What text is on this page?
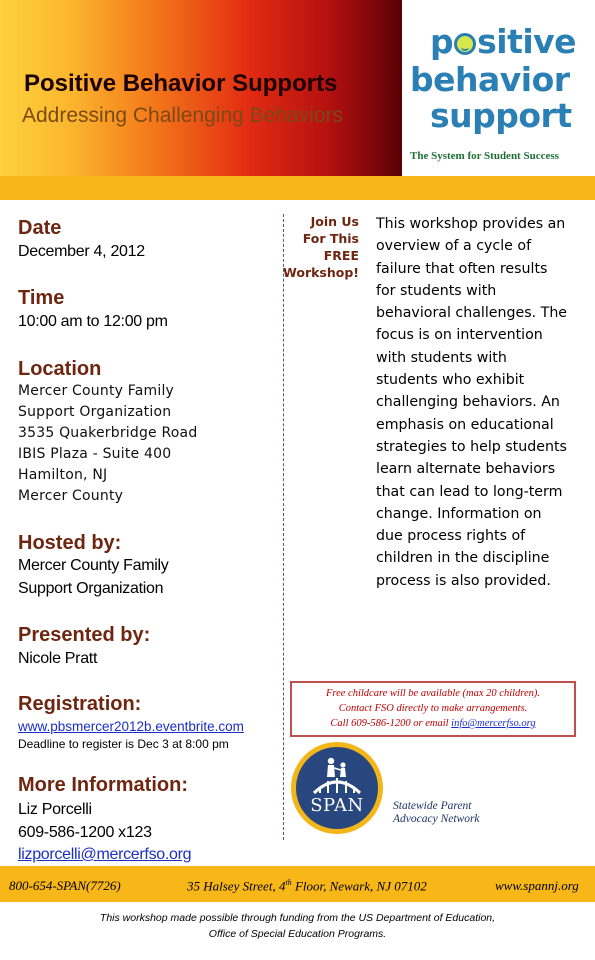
Positive Behavior Supports
Addressing Challenging Behaviors
p sitive
behavior
support
The System for Student Success
Date
December 4, 2012
Time
10:00 am to 12:00 pm
Location
Mercer County Family
Support Organization
3535 Quakerbridge Road
IBIS Plaza - Suite 400
Hamilton, NJ
Mercer County
Hosted by:
Mercer County Family
Support Organization
Presented by:
Nicole Pratt
Registration:
www.pbsmercer2012b.eventbrite.com
Deadline to register is Dec 3 at 8:00 pm
More Information:
Liz Porcelli
609-586-1200 x123
lizporcelli@mercerfso.org
Join Us
For This
FREE
Workshop!
This workshop provides an overview of a cycle of failure that often results for students with behavioral challenges. The focus is on intervention with students with students who exhibit challenging behaviors. An emphasis on educational strategies to help students learn alternate behaviors that can lead to long-term change. Information on due process rights of children in the discipline process is also provided.
Free childcare will be available (max 20 children).
Contact FSO directly to make arrangements.
Call 609-586-1200 or email info@mercerfso.org
SPAN	Statewide Parent
Advocacy Network
800-654-SPAN(7726)	35 Halsey Street, 4th Floor, Newark, NJ 07102	www.spannj.org
This workshop made possible through funding from the US Department of Education,
Office of Special Education Programs.
